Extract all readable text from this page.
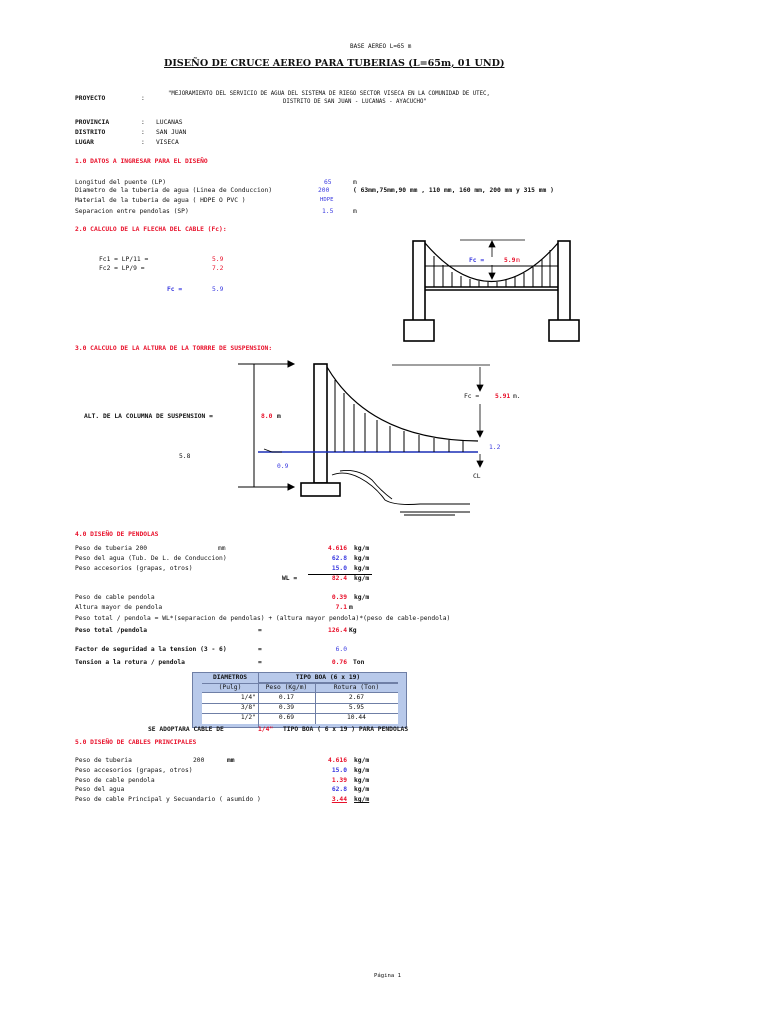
BASE AEREO L=65 m
DISEÑO DE CRUCE AEREO PARA TUBERIAS (L=65m, 01 UND)
PROYECTO	:
"MEJORAMIENTO DEL SERVICIO DE AGUA DEL SISTEMA DE RIEGO SECTOR VISECA EN LA COMUNIDAD DE UTEC,
DISTRITO DE SAN JUAN - LUCANAS - AYACUCHO"
PROVINCIA	: LUCANAS
DISTRITO	: SAN JUAN
LUGAR	: VISECA
1.0 DATOS A INGRESAR PARA EL DISEÑO
Longitud del puente (LP)	65	m
Diametro de la tuberia de agua (Linea de Conduccion)	200	( 63mm,75mm,90 mm , 110 mm, 160 mm, 200 mm y 315 mm )
Material de la tuberia de agua ( HDPE O PVC )	HDPE
Separacion entre pendolas (SP)	1.5	m
2.0 CALCULO DE LA FLECHA DEL CABLE (Fc):
Fc1 = LP/11 =	5.9
Fc2 = LP/9 =	7.2
Fc =	5.9
Fc =	5.9 m
3.0 CALCULO DE LA ALTURA DE LA TORRRE DE SUSPENSION:
ALT. DE LA COLUMNA DE SUSPENSION =	8.0 m
5.8
0.9
Fc =	5.91 m.
1.2
CL
4.0 DISEÑO DE PENDOLAS
Peso de tuberia 200	mm	4.616 kg/m
Peso del agua (Tub. De L. de Conduccion)	62.8 kg/m
Peso accesorios (grapas, otros)	15.0 kg/m
WL =	82.4 kg/m
Peso de cable pendola	0.39 kg/m
Altura mayor de pendola	7.1 m
Peso total / pendola = WL*(separacion de pendolas) + (altura mayor pendola)*(peso de cable-pendola)
Peso total /pendola	=	126.4 Kg
Factor de seguridad a la tension (3 - 6)	=	6.0
Tension a la rotura / pendola	=	0.76 Ton
DIAMETROS	TIPO BOA (6 x 19)
(Pulg)	Peso (Kg/m)	Rotura (Ton)
1/4"	0.17	2.67
3/8"	0.39	5.95
1/2"	0.69	10.44
SE ADOPTARA CABLE DE	1/4" TIPO BOA ( 6 x 19 ) PARA PENDOLAS
5.0 DISEÑO DE CABLES PRINCIPALES
Peso de tuberia	200	mm	4.616 kg/m
Peso accesorios (grapas, otros)	15.0 kg/m
Peso de cable pendola	1.39 kg/m
Peso del agua	62.8 kg/m
Peso de cable Principal y Secuandario ( asumido )	3.44 kg/m
Página 1
